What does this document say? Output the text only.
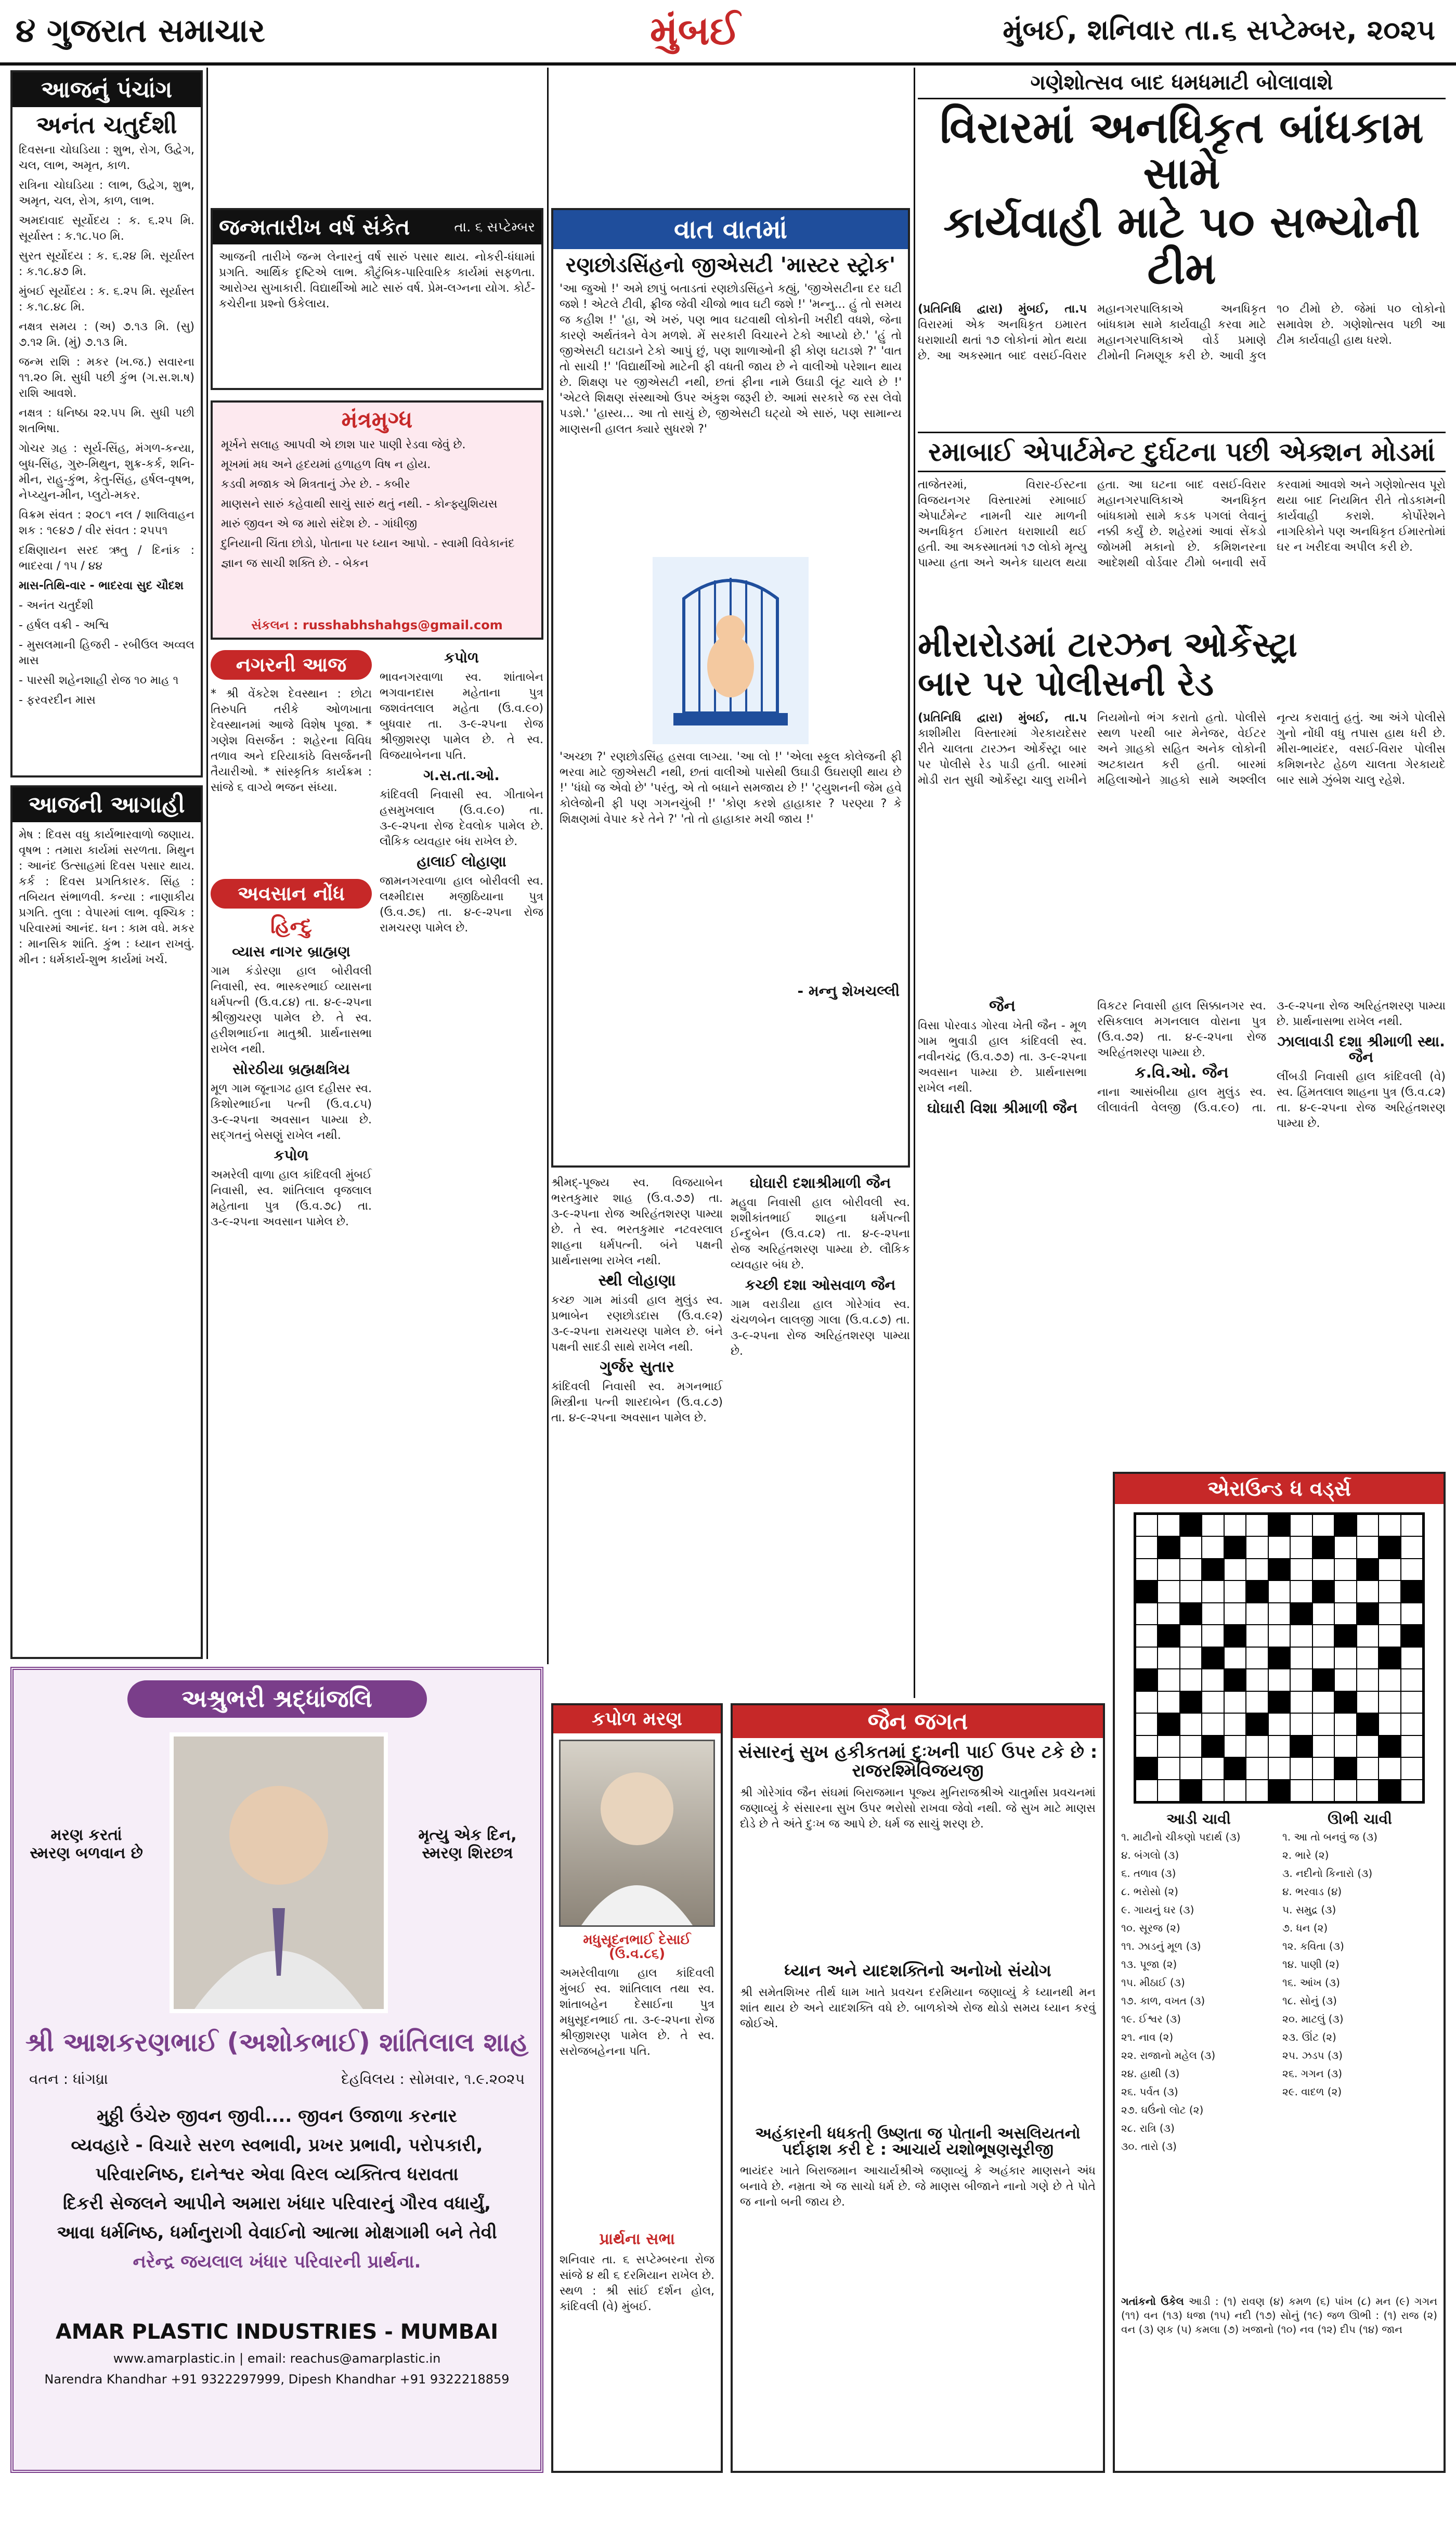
૪ ગુજરાત સમાચાર	મુંબઈ	મુંબઈ, શનિવાર તા.૬ સપ્ટેમ્બર, ૨૦૨૫
આજનું પંચાંગ
અનંત ચતુર્દશી

દિવસના ચોઘડિયા : શુભ, રોગ, ઉદ્વેગ, ચલ, લાભ, અમૃત, કાળ.

રાત્રિના ચોઘડિયા : લાભ, ઉદ્વેગ, શુભ, અમૃત, ચલ, રોગ, કાળ, લાભ.

અમદાવાદ સૂર્યોદય : ક. ૬.૨૫ મિ. સૂર્યાસ્ત : ક.૧૮.૫૦ મિ.

સુરત સૂર્યોદય : ક. ૬.૨૪ મિ. સૂર્યાસ્ત : ક.૧૮.૪૭ મિ.

મુંબઈ સૂર્યોદય : ક. ૬.૨૫ મિ. સૂર્યાસ્ત : ક.૧૮.૪૮ મિ.

નક્ષત્ર સમય : (અ) ૭.૧૩ મિ. (સુ) ૭.૧૨ મિ. (મું) ૭.૧૩ મિ.

જન્મ રાશિ : મકર (ખ.જ.) સવારના ૧૧.૨૦ મિ. સુધી પછી કુંભ (ગ.સ.શ.ષ) રાશિ આવશે.

નક્ષત્ર : ધનિષ્ઠા ૨૨.૫૫ મિ. સુધી પછી શતભિષા.

ગોચર ગ્રહ : સૂર્ય-સિંહ, મંગળ-કન્યા, બુધ-સિંહ, ગુરુ-મિથુન, શુક્ર-કર્ક, શનિ-મીન, રાહુ-કુંભ, કેતુ-સિંહ, હર્ષલ-વૃષભ, નેપ્ચ્યુન-મીન, પ્લુટો-મકર.

વિક્રમ સંવત : ૨૦૮૧ નલ / શાલિવાહન શક : ૧૯૪૭ / વીર સંવત : ૨૫૫૧

દક્ષિણાયન સરદ ઋતુ / દિનાંક : ભાદરવા / ૧૫ / ૪૪

માસ-તિથિ-વાર - ભાદરવા સુદ ચૌદશ

- અનંત ચતુર્દશી

- હર્ષલ વક્રી - અશ્વિ

- મુસલમાની હિજરી - રબીઉલ અવ્વલ માસ

- પારસી શહેનશાહી રોજ ૧૦ માહ ૧

- ફરવરદીન માસ

આજની આગાહી
મેષ : દિવસ વધુ કાર્યભારવાળો જણાય. વૃષભ : તમારા કાર્યમાં સરળતા. મિથુન : આનંદ ઉત્સાહમાં દિવસ પસાર થાય. કર્ક : દિવસ પ્રગતિકારક. સિંહ : તબિયત સંભાળવી. કન્યા : નાણાકીય પ્રગતિ. તુલા : વેપારમાં લાભ. વૃશ્ચિક : પરિવારમાં આનંદ. ધન : કામ વધે. મકર : માનસિક શાંતિ. કુંભ : ધ્યાન રાખવું. મીન : ધર્મકાર્ય-શુભ કાર્યમાં ખર્ચ.
જન્મતારીખ વર્ષ સંકેત	તા. ૬ સપ્ટેમ્બર
આજની તારીખે જન્મ લેનારનું વર્ષ સારું પસાર થાય. નોકરી-ધંધામાં પ્રગતિ. આર્થિક દૃષ્ટિએ લાભ. કૌટુંબિક-પારિવારિક કાર્યમાં સફળતા. આરોગ્ય સુખાકારી. વિદ્યાર્થીઓ માટે સારું વર્ષ. પ્રેમ-લગ્નના યોગ. કોર્ટ-કચેરીના પ્રશ્નો ઉકેલાય.
મંત્રમુગ્ધ

મૂર્ખને સલાહ આપવી એ છાશ પાર પાણી રેડવા જેવું છે.

મૂખમાં મધ અને હૃદયમાં હળાહળ વિષ ન હોય.

કડવી મજાક એ મિત્રતાનું ઝેર છે. - કબીર

માણસને સારું કહેવાથી સાચું સારું થતું નથી. - કોન્ફ્યુશિયસ

મારું જીવન એ જ મારો સંદેશ છે. - ગાંધીજી

દુનિયાની ચિંતા છોડો, પોતાના પર ધ્યાન આપો. - સ્વામી વિવેકાનંદ

જ્ઞાન જ સાચી શક્તિ છે. - બેકન

સંકલન : russhabhshahgs@gmail.com
નગરની આજ
* શ્રી વેંકટેશ દેવસ્થાન : છોટા તિરુપતિ તરીકે ઓળખાતા દેવસ્થાનમાં આજે વિશેષ પૂજા. * ગણેશ વિસર્જન : શહેરના વિવિધ તળાવ અને દરિયાકાંઠે વિસર્જનની તૈયારીઓ. * સાંસ્કૃતિક કાર્યક્રમ : સાંજે ૬ વાગ્યે ભજન સંધ્યા.
અવસાન નોંધ
હિન્દુ

વ્યાસ નાગર બ્રાહ્મણ

ગામ કંડોરણા હાલ બોરીવલી નિવાસી, સ્વ. ભાસ્કરભાઈ વ્યાસના ધર્મપત્ની (ઉ.વ.૮૪) તા. ૪-૯-૨૫ના શ્રીજીચરણ પામેલ છે. તે સ્વ. હરીશભાઈના માતુશ્રી. પ્રાર્થનાસભા રાખેલ નથી.

સોરઠીયા બ્રહ્મક્ષત્રિય

મૂળ ગામ જૂનાગઢ હાલ દહીસર સ્વ. કિશોરભાઈના પત્ની (ઉ.વ.૮૫) ૩-૯-૨૫ના અવસાન પામ્યા છે. સદ્ગતનું બેસણું રાખેલ નથી.

કપોળ

અમરેલી વાળા હાલ કાંદિવલી મુંબઈ નિવાસી, સ્વ. શાંતિલાલ વૃજલાલ મહેતાના પુત્ર (ઉ.વ.૭૮) તા. ૩-૯-૨૫ના અવસાન પામેલ છે.

કપોળ

ભાવનગરવાળા સ્વ. શાંતાબેન ભગવાનદાસ મહેતાના પુત્ર જશવંતલાલ મહેતા (ઉ.વ.૯૦) બુધવાર તા. ૩-૯-૨૫ના રોજ શ્રીજીશરણ પામેલ છે. તે સ્વ. વિજયાબેનના પતિ.

ગ.સ.તા.ઓ.

કાંદિવલી નિવાસી સ્વ. ગીતાબેન હસમુખલાલ (ઉ.વ.૯૦) તા. ૩-૯-૨૫ના રોજ દેવલોક પામેલ છે. લૌકિક વ્યવહાર બંધ રાખેલ છે.

હાલાઈ લોહાણા

જામનગરવાળા હાલ બોરીવલી સ્વ. લક્ષ્મીદાસ મજીઠિયાના પુત્ર (ઉ.વ.૭૬) તા. ૪-૯-૨૫ના રોજ રામચરણ પામેલ છે.

વાત વાતમાં
રણછોડસિંહનો જીએસટી 'માસ્ટર સ્ટ્રોક'
'આ જુઓ !' અમે છાપું બતાડતાં રણછોડસિંહને કહ્યું, 'જીએસટીના દર ઘટી જશે ! એટલે ટીવી, ફ્રીજ જેવી ચીજો ભાવ ઘટી જશે !' 'મન્નુ... હું તો સમય જ કહીશ !' 'હા, એ ખરું, પણ ભાવ ઘટવાથી લોકોની ખરીદી વધશે, જેના કારણે અર્થતંત્રને વેગ મળશે. મેં સરકારી વિચારને ટેકો આપ્યો છે.' 'હું તો જીએસટી ઘટાડાને ટેકો આપું છું, પણ શાળાઓની ફી કોણ ઘટાડશે ?' 'વાત તો સાચી !' 'વિદ્યાર્થીઓ માટેની ફી વધતી જાય છે ને વાલીઓ પરેશાન થાય છે. શિક્ષણ પર જીએસટી નથી, છતાં ફીના નામે ઉઘાડી લૂંટ ચાલે છે !' 'એટલે શિક્ષણ સંસ્થાઓ ઉપર અંકુશ જરૂરી છે. આમાં સરકારે જ રસ લેવો પડશે.' 'હાસ્ય... આ તો સાચું છે, જીએસટી ઘટ્યો એ સારું, પણ સામાન્ય માણસની હાલત ક્યારે સુધરશે ?'
'અચ્છા ?' રણછોડસિંહ હસવા લાગ્યા. 'આ લો !' 'એલા સ્કૂલ કોલેજની ફી ભરવા માટે જીએસટી નથી, છતાં વાલીઓ પાસેથી ઉઘાડી ઉઘરાણી થાય છે !' 'ધંધો જ એવો છે' 'પરંતુ, એ તો બધાને સમજાય છે !' 'ટ્યુશનની જેમ હવે કોલેજોની ફી પણ ગગનચુંબી !' 'કોણ કરશે હાહાકાર ? પરણ્યા ? કે શિક્ષણમાં વેપાર કરે તેને ?' 'તો તો હાહાકાર મચી જાય !'
- મન્નુ શેખચલ્લી

શ્રીમદ્-પૂજ્ય સ્વ. વિજયાબેન ભરતકુમાર શાહ (ઉ.વ.૭૭) તા. ૩-૯-૨૫ના રોજ અરિહંતશરણ પામ્યા છે. તે સ્વ. ભરતકુમાર નટવરલાલ શાહના ધર્મપત્ની. બંને પક્ષની પ્રાર્થનાસભા રાખેલ નથી.

સ્થી લોહાણા

કચ્છ ગામ માંડવી હાલ મુલુંડ સ્વ. પ્રભાબેન રણછોડદાસ (ઉ.વ.૯૨) ૩-૯-૨૫ના રામચરણ પામેલ છે. બંને પક્ષની સાદડી સાથે રાખેલ નથી.

ગુર્જર સુતાર

કાંદિવલી નિવાસી સ્વ. મગનભાઈ મિસ્ત્રીના પત્ની શારદાબેન (ઉ.વ.૮૭) તા. ૪-૯-૨૫ના અવસાન પામેલ છે.

ઘોઘારી દશાશ્રીમાળી જૈન

મહુવા નિવાસી હાલ બોરીવલી સ્વ. શશીકાંતભાઈ શાહના ધર્મપત્ની ઈન્દુબેન (ઉ.વ.૮૨) તા. ૪-૯-૨૫ના રોજ અરિહંતશરણ પામ્યા છે. લૌકિક વ્યવહાર બંધ છે.

કચ્છી દશા ઓસવાળ જૈન

ગામ વરાડીયા હાલ ગોરેગાંવ સ્વ. ચંચળબેન લાલજી ગાલા (ઉ.વ.૮૭) તા. ૩-૯-૨૫ના રોજ અરિહંતશરણ પામ્યા છે.

કપોળ મરણ
મધુસૂદનભાઈ દેસાઈ (ઉ.વ.૮૬)
અમરેલીવાળા હાલ કાંદિવલી મુંબઈ સ્વ. શાંતિલાલ તથા સ્વ. શાંતાબહેન દેસાઈના પુત્ર મધુસૂદનભાઈ તા. ૩-૯-૨૫ના રોજ શ્રીજીશરણ પામેલ છે. તે સ્વ. સરોજબહેનના પતિ.
પ્રાર્થના સભા
શનિવાર તા. ૬ સપ્ટેમ્બરના રોજ સાંજે ૪ થી ૬ દરમિયાન રાખેલ છે. સ્થળ : શ્રી સાંઈ દર્શન હોલ, કાંદિવલી (વે) મુંબઈ.
જૈન જગત
સંસારનું સુખ હકીકતમાં દુઃખની પાઈ ઉપર ટકે છે : રાજરશ્મિવિજયજી
શ્રી ગોરેગાંવ જૈન સંઘમાં બિરાજમાન પૂજ્ય મુનિરાજશ્રીએ ચાતુર્માસ પ્રવચનમાં જણાવ્યું કે સંસારના સુખ ઉપર ભરોસો રાખવા જેવો નથી. જે સુખ માટે માણસ દોડે છે તે અંતે દુઃખ જ આપે છે. ધર્મ જ સાચું શરણ છે.
ધ્યાન અને યાદશક્તિનો અનોખો સંયોગ
શ્રી સમેતશિખર તીર્થ ધામ ખાતે પ્રવચન દરમિયાન જણાવ્યું કે ધ્યાનથી મન શાંત થાય છે અને યાદશક્તિ વધે છે. બાળકોએ રોજ થોડો સમય ધ્યાન કરવું જોઈએ.
અહંકારની ધધકતી ઉષ્ણતા જ પોતાની અસલિયતનો પર્દાફાશ કરી દે : આચાર્ય યશોભૂષણસૂરીજી
ભાયંદર ખાતે બિરાજમાન આચાર્યશ્રીએ જણાવ્યું કે અહંકાર માણસને અંધ બનાવે છે. નમ્રતા એ જ સાચો ધર્મ છે. જે માણસ બીજાને નાનો ગણે છે તે પોતે જ નાનો બની જાય છે.
ગણેશોત્સવ બાદ ધમધમાટી બોલાવાશે
વિરારમાં અનધિકૃત બાંધકામ સામે
કાર્યવાહી માટે ૫૦ સભ્યોની ટીમ
(પ્રતિનિધિ દ્વારા) મુંબઈ, તા.૫ વિરારમાં એક અનધિકૃત ઇમારત ધરાશાયી થતાં ૧૭ લોકોનાં મોત થયા છે. આ અકસ્માત બાદ વસઈ-વિરાર મહાનગરપાલિકાએ અનધિકૃત બાંધકામ સામે કાર્યવાહી કરવા માટે મહાનગરપાલિકાએ વોર્ડ પ્રમાણે ટીમોની નિમણૂક કરી છે. આવી કુલ ૧૦ ટીમો છે. જેમાં ૫૦ લોકોનો સમાવેશ છે. ગણેશોત્સવ પછી આ ટીમ કાર્યવાહી હાથ ધરશે.
રમાબાઈ એપાર્ટમેન્ટ દુર્ઘટના પછી એક્શન મોડમાં
તાજેતરમાં, વિરાર-ઈસ્ટના વિજયનગર વિસ્તારમાં રમાબાઈ એપાર્ટમેન્ટ નામની ચાર માળની અનધિકૃત ઈમારત ધરાશાયી થઈ હતી. આ અકસ્માતમાં ૧૭ લોકો મૃત્યુ પામ્યા હતા અને અનેક ઘાયલ થયા હતા. આ ઘટના બાદ વસઈ-વિરાર મહાનગરપાલિકાએ અનધિકૃત બાંધકામો સામે કડક પગલાં લેવાનું નક્કી કર્યું છે. શહેરમાં આવાં સેંકડો જોખમી મકાનો છે. કમિશનરના આદેશથી વોર્ડવાર ટીમો બનાવી સર્વે કરવામાં આવશે અને ગણેશોત્સવ પૂરો થયા બાદ નિયમિત રીતે તોડકામની કાર્યવાહી કરાશે. કોર્પોરેશને નાગરિકોને પણ અનધિકૃત ઈમારતોમાં ઘર ન ખરીદવા અપીલ કરી છે.
મીરારોડમાં ટારઝન ઓર્કેસ્ટ્રા
બાર પર પોલીસની રેડ
(પ્રતિનિધિ દ્વારા) મુંબઈ, તા.૫ કાશીમીરા વિસ્તારમાં ગેરકાયદેસર રીતે ચાલતા ટારઝન ઓર્કેસ્ટ્રા બાર પર પોલીસે રેડ પાડી હતી. બારમાં મોડી રાત સુધી ઓર્કેસ્ટ્રા ચાલુ રાખીને નિયમોનો ભંગ કરાતો હતો. પોલીસે સ્થળ પરથી બાર મેનેજર, વેઈટર અને ગ્રાહકો સહિત અનેક લોકોની અટકાયત કરી હતી. બારમાં મહિલાઓને ગ્રાહકો સામે અશ્લીલ નૃત્ય કરાવાતું હતું. આ અંગે પોલીસે ગુનો નોંધી વધુ તપાસ હાથ ધરી છે. મીરા-ભાયંદર, વસઈ-વિરાર પોલીસ કમિશનરેટ હેઠળ ચાલતા ગેરકાયદે બાર સામે ઝુંબેશ ચાલુ રહેશે.

જૈન

વિસા પોરવાડ ગોરવા ખેતી જૈન - મૂળ ગામ ભુવાડી હાલ કાંદિવલી સ્વ. નવીનચંદ્ર (ઉ.વ.૭૭) તા. ૩-૯-૨૫ના અવસાન પામ્યા છે. પ્રાર્થનાસભા રાખેલ નથી.

ઘોઘારી વિશા શ્રીમાળી જૈન

વિકટર નિવાસી હાલ સિક્કાનગર સ્વ. રસિકલાલ મગનલાલ વોરાના પુત્ર (ઉ.વ.૭૨) તા. ૪-૯-૨૫ના રોજ અરિહંતશરણ પામ્યા છે.

ક.વિ.ઓ. જૈન

નાના આસંબીયા હાલ મુલુંડ સ્વ. લીલાવંતી વેલજી (ઉ.વ.૯૦) તા. ૩-૯-૨૫ના રોજ અરિહંતશરણ પામ્યા છે. પ્રાર્થનાસભા રાખેલ નથી.

ઝાલાવાડી દશા શ્રીમાળી સ્થા. જૈન

લીંબડી નિવાસી હાલ કાંદિવલી (વે) સ્વ. હિંમતલાલ શાહના પુત્ર (ઉ.વ.૮૨) તા. ૪-૯-૨૫ના રોજ અરિહંતશરણ પામ્યા છે.

એરાઉન્ડ ધ વર્ડ્સ

આડી ચાવી

૧. માટીનો ચીકણો પદાર્થ (૩)

૪. બંગલો (૩)

૬. તળાવ (૩)

૮. ભરોસો (૨)

૯. ગાયનું ઘર (૩)

૧૦. સૂરજ (૨)

૧૧. ઝાડનું મૂળ (૩)

૧૩. પૂજા (૨)

૧૫. મીઠાઈ (૩)

૧૭. કાળ, વખત (૩)

૧૯. ઈશ્વર (૩)

૨૧. નાવ (૨)

૨૨. રાજાનો મહેલ (૩)

૨૪. હાથી (૩)

૨૬. પર્વત (૩)

૨૭. ઘઉંનો લોટ (૨)

૨૮. રાત્રિ (૩)

૩૦. તારો (૩)

ઊભી ચાવી

૧. આ તો બનવું જ (૩)

૨. ભારે (૨)

૩. નદીનો કિનારો (૩)

૪. ભરવાડ (૪)

૫. સમુદ્ર (૩)

૭. ધન (૨)

૧૨. કવિતા (૩)

૧૪. પાણી (૨)

૧૬. આંખ (૩)

૧૮. સોનું (૩)

૨૦. માટલું (૩)

૨૩. ઊંટ (૨)

૨૫. ઝડપ (૩)

૨૬. ગગન (૩)

૨૯. વાદળ (૨)

ગતાંકનો ઉકેલ આડી : (૧) રાવણ (૪) કમળ (૬) પાંખ (૮) મન (૯) ગગન (૧૧) વન (૧૩) ધજા (૧૫) નદી (૧૭) સોનું (૧૯) જળ ઊભી : (૧) રાજ (૨) વન (૩) ણક (૫) કમલા (૭) ખજાનો (૧૦) નવ (૧૨) દીપ (૧૪) જાન
અશ્રુભરી શ્રદ્ધાંજલિ
મરણ કરતાં સ્મરણ બળવાન છે
મૃત્યુ એક દિન, સ્મરણ શિરછત્ર
શ્રી આશકરણભાઈ (અશોકભાઈ) શાંતિલાલ શાહ
વતન : ધાંગધ્રા	દેહવિલય : સોમવાર, ૧.૯.૨૦૨૫
મુઠ્ઠી ઉંચેરુ જીવન જીવી.... જીવન ઉજાળા કરનાર
વ્યવહારે - વિચારે સરળ સ્વભાવી, પ્રખર પ્રભાવી, પરોપકારી,
પરિવારનિષ્ઠ, દાનેશ્વર એવા વિરલ વ્યક્તિત્વ ધરાવતા
દિકરી સેજલને આપીને અમારા ખંધાર પરિવારનું ગૌરવ વધાર્યું,
આવા ધર્મનિષ્ઠ, ધર્માનુરાગી વેવાઈનો આત્મા મોક્ષગામી બને તેવી
નરેન્દ્ર જયલાલ ખંધાર પરિવારની પ્રાર્થના.
AMAR PLASTIC INDUSTRIES - MUMBAI
www.amarplastic.in | email: reachus@amarplastic.in
Narendra Khandhar +91 9322297999, Dipesh Khandhar +91 9322218859
